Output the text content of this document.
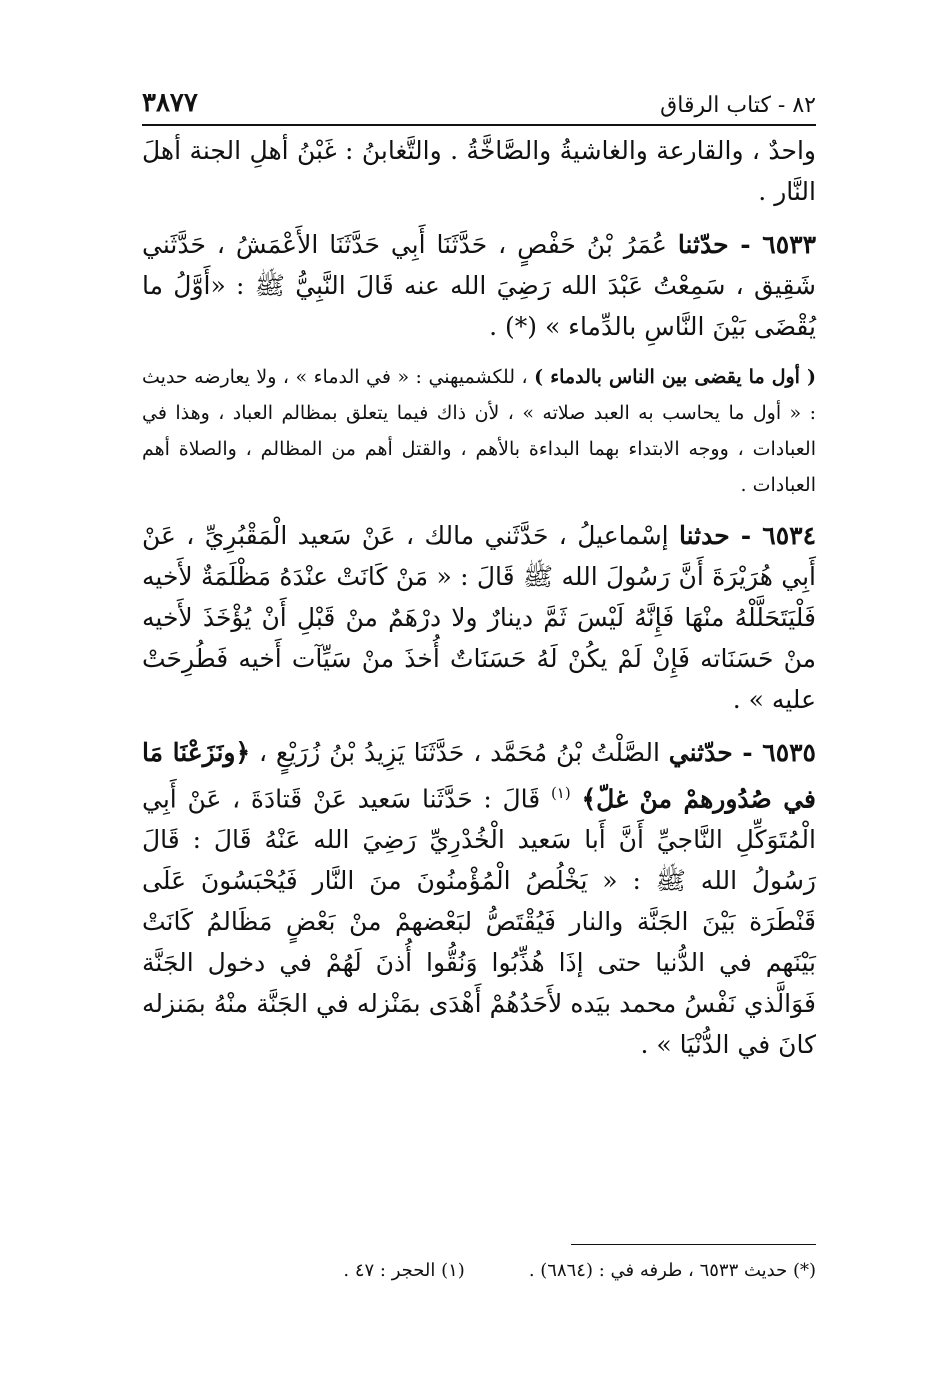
٨٢ - كتاب الرقاق
٣٨٧٧

واحدٌ ، والقارعة والغاشيةُ والصَّاخَّةُ . والتَّغابنُ : غَبْنُ أهلِ الجنة أهلَ النَّار .

٦٥٣٣ - حدّثنا عُمَرُ بْنُ حَفْصٍ ، حَدَّثَنَا أَبِي حَدَّثَنَا الأَعْمَشُ ، حَدَّثَني شَقِيق ، سَمِعْتُ عَبْدَ الله رَضِيَ الله عنه قَالَ النَّبِيُّ ﷺ : «أَوَّلُ ما يُقْضَى بَيْنَ النَّاسِ بالدِّماء » (*) .

( أول ما يقضى بين الناس بالدماء ) ، للكشميهني : « في الدماء » ، ولا يعارضه حديث : « أول ما يحاسب به العبد صلاته » ، لأن ذاك فيما يتعلق بمظالم العباد ، وهذا في العبادات ، ووجه الابتداء بهما البداءة بالأهم ، والقتل أهم من المظالم ، والصلاة أهم العبادات .

٦٥٣٤ - حدثنا إسْماعيلُ ، حَدَّثَني مالك ، عَنْ سَعيد الْمَقْبُرِيِّ ، عَنْ أَبِي هُرَيْرَةَ أَنَّ رَسُولَ الله ﷺ قَالَ : « مَنْ كَانَتْ عنْدَهُ مَظْلَمَةٌ لأَخيه فَلْيَتَحَلَّلْهُ منْهَا فَإِنَّهُ لَيْسَ ثَمَّ دينارٌ ولا درْهَمٌ منْ قَبْلِ أَنْ يُؤْخَذَ لأَخيه منْ حَسَنَاته فَإِنْ لَمْ يكُنْ لَهُ حَسَنَاتٌ أُخذَ منْ سَيِّآت أَخيه فَطُرِحَتْ عليه » .

٦٥٣٥ - حدّثني الصَّلْتُ بْنُ مُحَمَّد ، حَدَّثَنَا يَزِيدُ بْنُ زُرَيْعٍ ، ﴿ونَزَعْنَا مَا في صُدُورهمْ منْ غلّ﴾ $^{(١)}$ قَالَ : حَدَّثَنا سَعيد عَنْ قَتادَةَ ، عَنْ أَبِي الْمُتَوَكِّلِ النَّاجيِّ أَنَّ أَبا سَعيد الْخُدْرِيِّ رَضِيَ الله عَنْهُ قَالَ : قَالَ رَسُولُ الله ﷺ : « يَخْلُصُ الْمُؤْمنُونَ منَ النَّار فَيُحْبَسُونَ عَلَى قَنْطَرَة بَيْنَ الجَنَّة والنار فَيُقْتَصُّ لبَعْضهمْ منْ بَعْضٍ مَظَالمُ كَانَتْ بَيْنَهم في الدُّنيا حتى إذَا هُذِّبُوا وَنُقُّوا أُذنَ لَهُمْ في دخول الجَنَّة فَوَالَّذي نَفْسُ محمد بيَده لأَحَدُهُمْ أَهْدَى بمَنْزله في الجَنَّة منْهُ بمَنزله كانَ في الدُّنْيَا » .

(*) حديث ٦٥٣٣ ، طرفه في : (٦٨٦٤) .
(١) الحجر : ٤٧ .
